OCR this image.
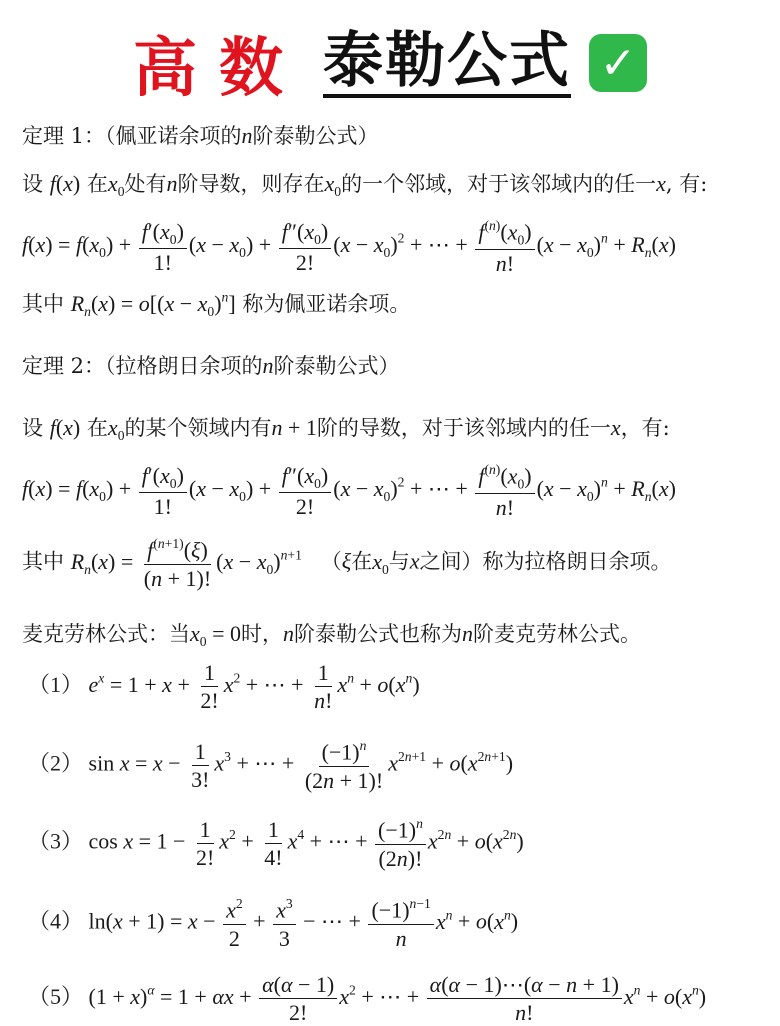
高数 泰勒公式 ✓
定理 1：（佩亚诺余项的n阶泰勒公式）
设 f(x) 在$x_0$处有n阶导数，则存在$x_0$的一个邻域，对于该邻域内的任一x, 有:
$f(x) = f(x_0) + \frac{f'(x_0)}{1!} (x - x_0) + \frac{f''(x_0)}{2!} (x - x_0)^2$ + ⋯ + $\frac{f^{(n)}(x_0)}{n!} (x - x_0)^n + R_n(x)$
其中 $R_n(x) = o[(x - x_0)^n]$ 称为佩亚诺余项。
定理 2：（拉格朗日余项的n阶泰勒公式）
设 f(x) 在$x_0$的某个领域内有n + 1阶的导数，对于该邻域内的任一x，有:
$f(x) = f(x_0) + \frac{f'(x_0)}{1!} (x - x_0) + \frac{f''(x_0)}{2!} (x - x_0)^2$ + ⋯ + $\frac{f^{(n)}(x_0)}{n!} (x - x_0)^n + R_n(x)$
其中 $R_n(x) = \frac{f^{(n+1)}(\xi)}{(n + 1)!} (x - x_0)^{n+1}$ （ξ在$x_0$与x之间）称为拉格朗日余项。
麦克劳林公式：当$x_0 = 0$时，n阶泰勒公式也称为n阶麦克劳林公式。
（1） $e^x = 1 + x + \frac{1}{2!} x^2$ + ⋯ + $\frac{1}{n!} x^n + o(x^n)$
（2） $\sin x = x - \frac{1}{3!} x^3$ + ⋯ + $\frac{(-1)^n}{(2n + 1)!} x^{2n+1} + o(x^{2n+1})$
（3） $\cos x = 1 - \frac{1}{2!} x^2 + \frac{1}{4!} x^4$ + ⋯ + $\frac{(-1)^n}{(2n)!} x^{2n} + o(x^{2n})$
（4） $\ln(x + 1) = x - \frac{x^2}{2} + \frac{x^3}{3}$ − ⋯ + $\frac{(-1)^{n-1}}{n} x^n + o(x^n)$
（5） $(1 + x)^\alpha = 1 + \alpha x + \frac{\alpha(\alpha - 1)}{2!} x^2$ + ⋯ + $\frac{\alpha(\alpha - 1)\cdots(\alpha - n + 1)}{n!} x^n + o(x^n)$
